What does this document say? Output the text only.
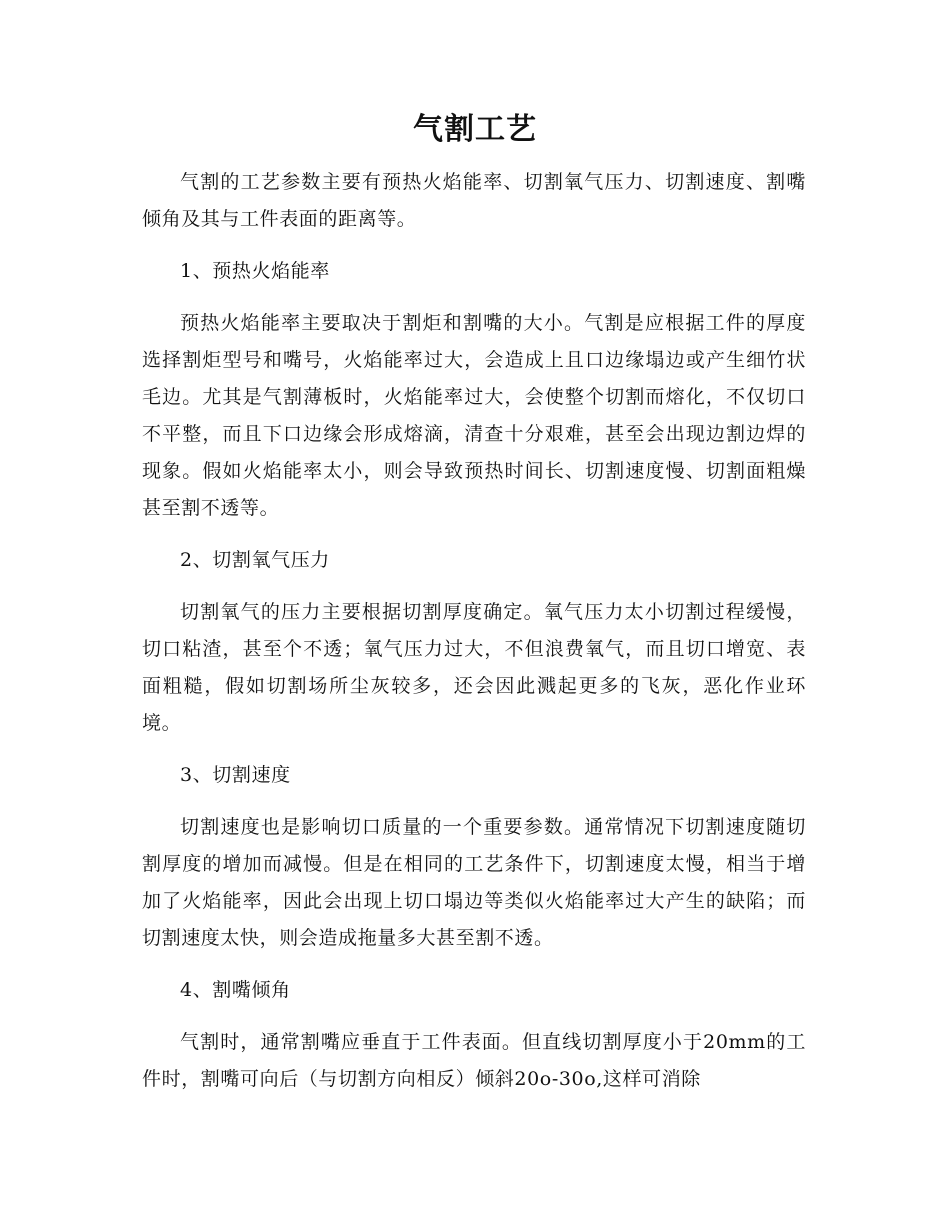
气割工艺

气割的工艺参数主要有预热火焰能率、切割氧气压力、切割速度、割嘴倾角及其与工件表面的距离等。

1、预热火焰能率

预热火焰能率主要取决于割炬和割嘴的大小。气割是应根据工件的厚度选择割炬型号和嘴号，火焰能率过大，会造成上且口边缘塌边或产生细竹状毛边。尤其是气割薄板时，火焰能率过大，会使整个切割而熔化，不仅切口不平整，而且下口边缘会形成熔滴，清查十分艰难，甚至会出现边割边焊的现象。假如火焰能率太小，则会导致预热时间长、切割速度慢、切割面粗燥甚至割不透等。

2、切割氧气压力

切割氧气的压力主要根据切割厚度确定。氧气压力太小切割过程缓慢，切口粘渣，甚至个不透；氧气压力过大，不但浪费氧气，而且切口增宽、表面粗糙，假如切割场所尘灰较多，还会因此溅起更多的飞灰，恶化作业环境。

3、切割速度

切割速度也是影响切口质量的一个重要参数。通常情况下切割速度随切割厚度的增加而减慢。但是在相同的工艺条件下，切割速度太慢，相当于增加了火焰能率，因此会出现上切口塌边等类似火焰能率过大产生的缺陷；而切割速度太快，则会造成拖量多大甚至割不透。

4、割嘴倾角

气割时，通常割嘴应垂直于工件表面。但直线切割厚度小于20mm的工件时，割嘴可向后（与切割方向相反）倾斜20o-30o,这样可消除
